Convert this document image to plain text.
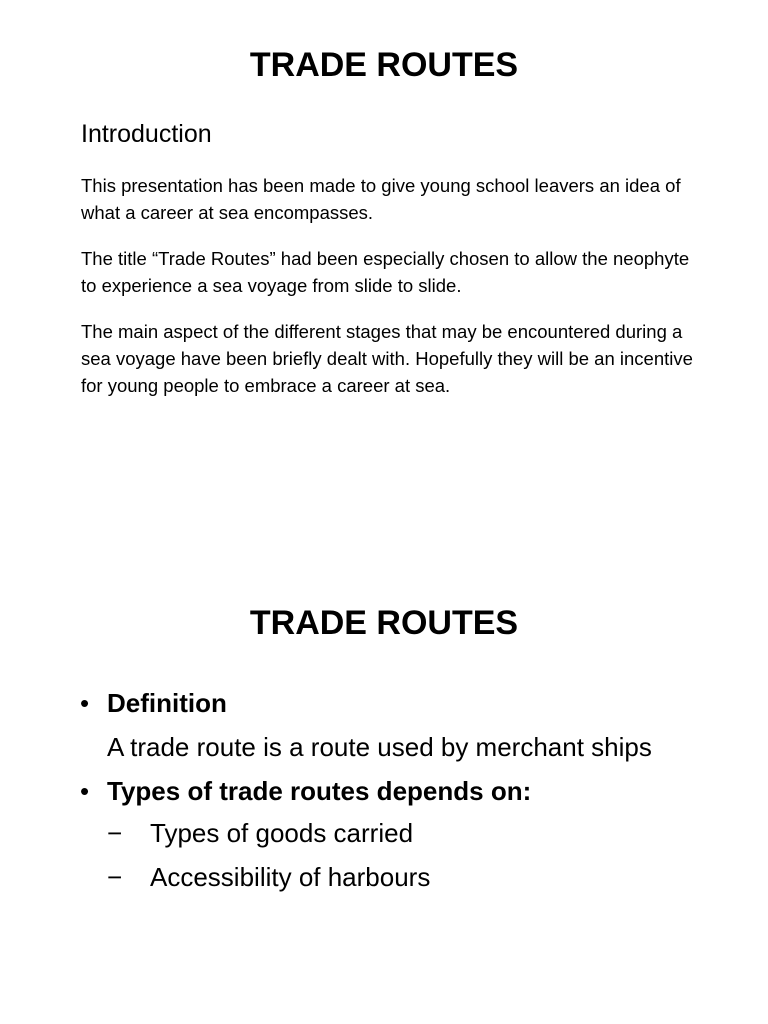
TRADE ROUTES
Introduction

This presentation has been made to give young school leavers an idea of what a career at sea encompasses.

The title “Trade Routes” had been especially chosen to allow the neophyte to experience a sea voyage from slide to slide.

The main aspect of the different stages that may be encountered during a sea voyage have been briefly dealt with. Hopefully they will be an incentive for young people to embrace a career at sea.

TRADE ROUTES
• Definition
A trade route is a route used by merchant ships
• Types of trade routes depends on:
− Types of goods carried
− Accessibility of harbours
